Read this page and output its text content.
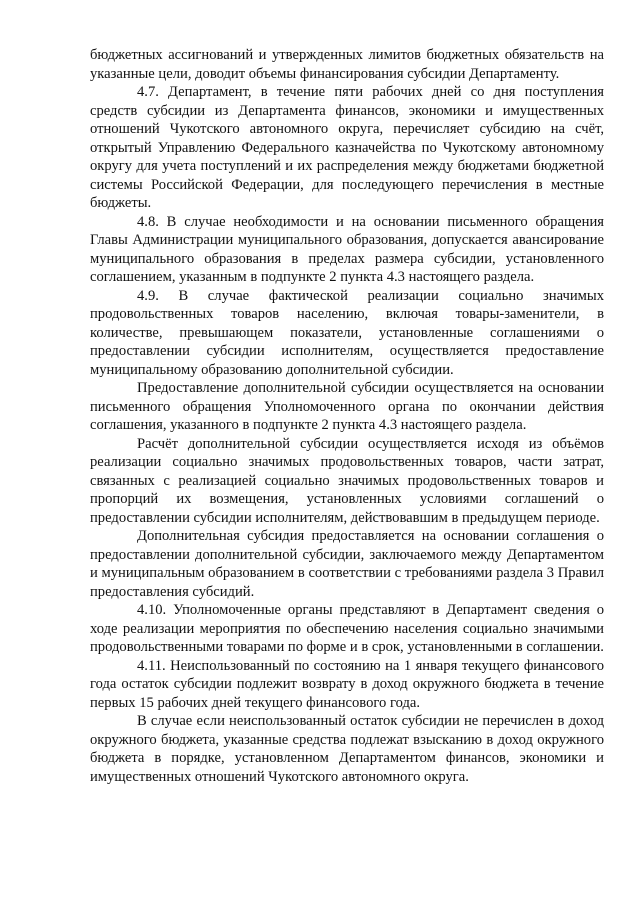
бюджетных ассигнований и утвержденных лимитов бюджетных обязательств на указанные цели, доводит объемы финансирования субсидии Департаменту.

4.7. Департамент, в течение пяти рабочих дней со дня поступления средств субсидии из Департамента финансов, экономики и имущественных отношений Чукотского автономного округа, перечисляет субсидию на счёт, открытый Управлению Федерального казначейства по Чукотскому автономному округу для учета поступлений и их распределения между бюджетами бюджетной системы Российской Федерации, для последующего перечисления в местные бюджеты.

4.8. В случае необходимости и на основании письменного обращения Главы Администрации муниципального образования, допускается авансирование муниципального образования в пределах размера субсидии, установленного соглашением, указанным в подпункте 2 пункта 4.3 настоящего раздела.

4.9. В случае фактической реализации социально значимых продовольственных товаров населению, включая товары-заменители, в количестве, превышающем показатели, установленные соглашениями о предоставлении субсидии исполнителям, осуществляется предоставление муниципальному образованию дополнительной субсидии.

Предоставление дополнительной субсидии осуществляется на основании письменного обращения Уполномоченного органа по окончании действия соглашения, указанного в подпункте 2 пункта 4.3 настоящего раздела.

Расчёт дополнительной субсидии осуществляется исходя из объёмов реализации социально значимых продовольственных товаров, части затрат, связанных с реализацией социально значимых продовольственных товаров и пропорций их возмещения, установленных условиями соглашений о предоставлении субсидии исполнителям, действовавшим в предыдущем периоде.

Дополнительная субсидия предоставляется на основании соглашения о предоставлении дополнительной субсидии, заключаемого между Департаментом и муниципальным образованием в соответствии с требованиями раздела 3 Правил предоставления субсидий.

4.10. Уполномоченные органы представляют в Департамент сведения о ходе реализации мероприятия по обеспечению населения социально значимыми продовольственными товарами по форме и в срок, установленными в соглашении.

4.11. Неиспользованный по состоянию на 1 января текущего финансового года остаток субсидии подлежит возврату в доход окружного бюджета в течение первых 15 рабочих дней текущего финансового года.

В случае если неиспользованный остаток субсидии не перечислен в доход окружного бюджета, указанные средства подлежат взысканию в доход окружного бюджета в порядке, установленном Департаментом финансов, экономики и имущественных отношений Чукотского автономного округа.
